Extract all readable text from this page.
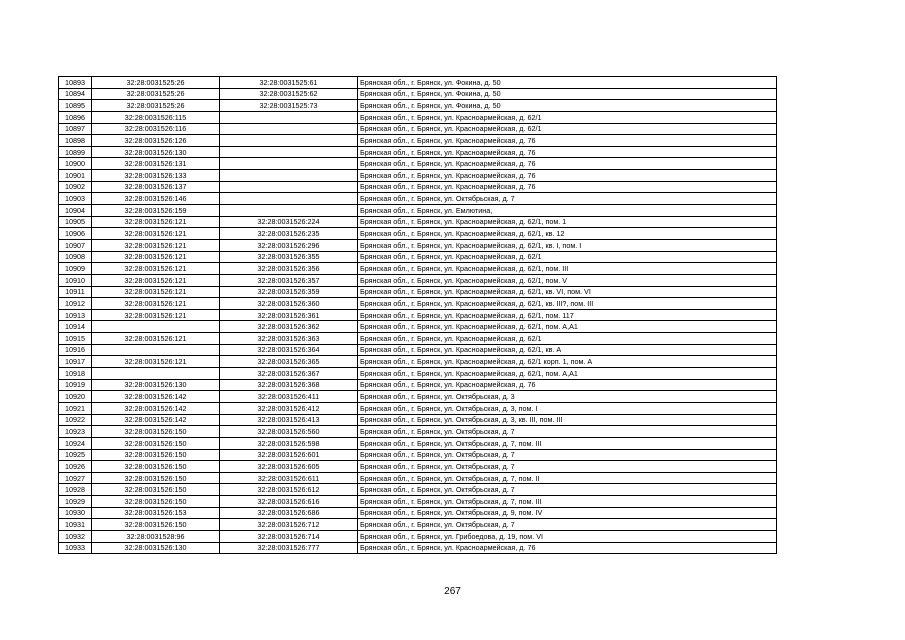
10893	32:28:0031525:26	32:28:0031525:61	Брянская обл., г. Брянск, ул. Фокина, д. 50
10894	32:28:0031525:26	32:28:0031525:62	Брянская обл., г. Брянск, ул. Фокина, д. 50
10895	32:28:0031525:26	32:28:0031525:73	Брянская обл., г. Брянск, ул. Фокина, д. 50
10896	32:28:0031526:115		Брянская обл., г. Брянск, ул. Красноармейская, д. 62/1
10897	32:28:0031526:116		Брянская обл., г. Брянск, ул. Красноармейская, д. 62/1
10898	32:28:0031526:126		Брянская обл., г. Брянск, ул. Красноармейская, д. 76
10899	32:28:0031526:130		Брянская обл., г. Брянск, ул. Красноармейская, д. 76
10900	32:28:0031526:131		Брянская обл., г. Брянск, ул. Красноармейская, д. 76
10901	32:28:0031526:133		Брянская обл., г. Брянск, ул. Красноармейская, д. 76
10902	32:28:0031526:137		Брянская обл., г. Брянск, ул. Красноармейская, д. 76
10903	32:28:0031526:146		Брянская обл., г. Брянск, ул. Октябрьская, д. 7
10904	32:28:0031526:159		Брянская обл., г. Брянск, ул. Емлютина,
10905	32:28:0031526:121	32:28:0031526:224	Брянская обл., г. Брянск, ул. Красноармейская, д. 62/1, пом. 1
10906	32:28:0031526:121	32:28:0031526:235	Брянская обл., г. Брянск, ул. Красноармейская, д. 62/1, кв. 12
10907	32:28:0031526:121	32:28:0031526:296	Брянская обл., г. Брянск, ул. Красноармейская, д. 62/1, кв. I, пом. I
10908	32:28:0031526:121	32:28:0031526:355	Брянская обл., г. Брянск, ул. Красноармейская, д. 62/1
10909	32:28:0031526:121	32:28:0031526:356	Брянская обл., г. Брянск, ул. Красноармейская, д. 62/1, пом. III
10910	32:28:0031526:121	32:28:0031526:357	Брянская обл., г. Брянск, ул. Красноармейская, д. 62/1, пом. V
10911	32:28:0031526:121	32:28:0031526:359	Брянская обл., г. Брянск, ул. Красноармейская, д. 62/1, кв. VI, пом. VI
10912	32:28:0031526:121	32:28:0031526:360	Брянская обл., г. Брянск, ул. Красноармейская, д. 62/1, кв. III?, пом. III
10913	32:28:0031526:121	32:28:0031526:361	Брянская обл., г. Брянск, ул. Красноармейская, д. 62/1, пом. 117
10914		32:28:0031526:362	Брянская обл., г. Брянск, ул. Красноармейская, д. 62/1, пом. А,А1
10915	32:28:0031526:121	32:28:0031526:363	Брянская обл., г. Брянск, ул. Красноармейская, д. 62/1
10916		32:28:0031526:364	Брянская обл., г. Брянск, ул. Красноармейская, д. 62/1, кв. А
10917	32:28:0031526:121	32:28:0031526:365	Брянская обл., г. Брянск, ул. Красноармейская, д. 62/1 корп. 1, пом. А
10918		32:28:0031526:367	Брянская обл., г. Брянск, ул. Красноармейская, д. 62/1, пом. А,А1
10919	32:28:0031526:130	32:28:0031526:368	Брянская обл., г. Брянск, ул. Красноармейская, д. 76
10920	32:28:0031526:142	32:28:0031526:411	Брянская обл., г. Брянск, ул. Октябрьская, д. 3
10921	32:28:0031526:142	32:28:0031526:412	Брянская обл., г. Брянск, ул. Октябрьская, д. 3, пом. I
10922	32:28:0031526:142	32:28:0031526:413	Брянская обл., г. Брянск, ул. Октябрьская, д. 3, кв. III, пом. III
10923	32:28:0031526:150	32:28:0031526:560	Брянская обл., г. Брянск, ул. Октябрьская, д. 7
10924	32:28:0031526:150	32:28:0031526:598	Брянская обл., г. Брянск, ул. Октябрьская, д. 7, пом. III
10925	32:28:0031526:150	32:28:0031526:601	Брянская обл., г. Брянск, ул. Октябрьская, д. 7
10926	32:28:0031526:150	32:28:0031526:605	Брянская обл., г. Брянск, ул. Октябрьская, д. 7
10927	32:28:0031526:150	32:28:0031526:611	Брянская обл., г. Брянск, ул. Октябрьская, д. 7, пом. II
10928	32:28:0031526:150	32:28:0031526:612	Брянская обл., г. Брянск, ул. Октябрьская, д. 7
10929	32:28:0031526:150	32:28:0031526:616	Брянская обл., г. Брянск, ул. Октябрьская, д. 7, пом. III
10930	32:28:0031526:153	32:28:0031526:686	Брянская обл., г. Брянск, ул. Октябрьская, д. 9, пом. IV
10931	32:28:0031526:150	32:28:0031526:712	Брянская обл., г. Брянск, ул. Октябрьская, д. 7
10932	32:28:0031528:96	32:28:0031526:714	Брянская обл., г. Брянск, ул. Грибоедова, д. 19, пом. VI
10933	32:28:0031526:130	32:28:0031526:777	Брянская обл., г. Брянск, ул. Красноармейская, д. 76
267
